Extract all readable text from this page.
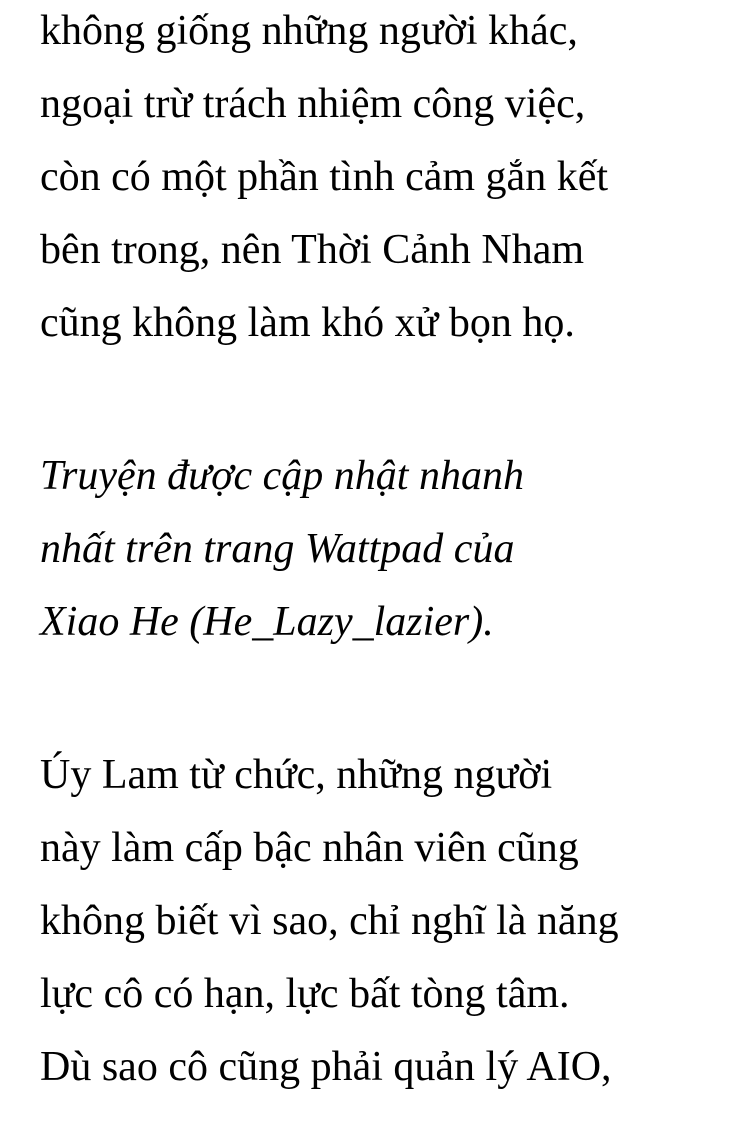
không giống những người khác,
ngoại trừ trách nhiệm công việc,
còn có một phần tình cảm gắn kết
bên trong, nên Thời Cảnh Nham
cũng không làm khó xử bọn họ.
Truyện được cập nhật nhanh
nhất trên trang Wattpad của
Xiao He (He_Lazy_lazier).
Úy Lam từ chức, những người
này làm cấp bậc nhân viên cũng
không biết vì sao, chỉ nghĩ là năng
lực cô có hạn, lực bất tòng tâm.
Dù sao cô cũng phải quản lý AIO,
